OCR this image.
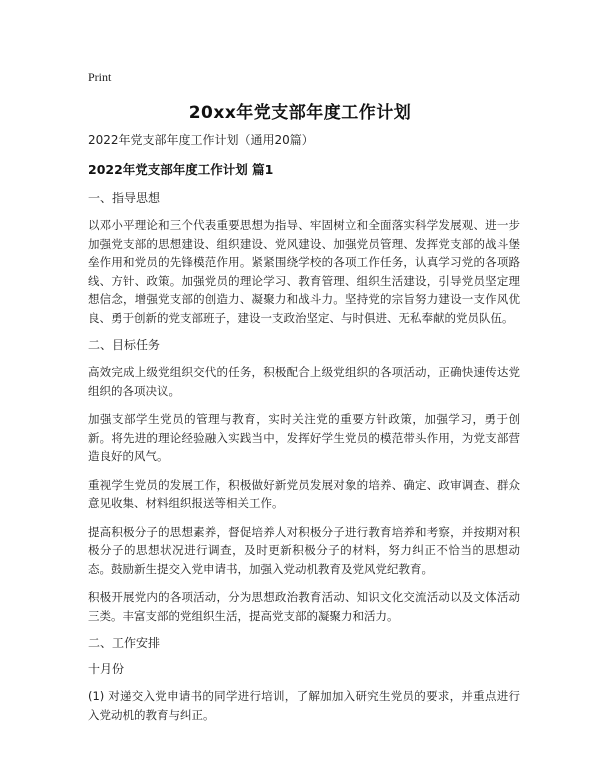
Print
20xx年党支部年度工作计划
2022年党支部年度工作计划（通用20篇）
2022年党支部年度工作计划 篇1
一、指导思想
以邓小平理论和三个代表重要思想为指导、牢固树立和全面落实科学发展观、进一步加强党支部的思想建设、组织建设、党风建设、加强党员管理、发挥党支部的战斗堡垒作用和党员的先锋模范作用。紧紧围绕学校的各项工作任务，认真学习党的各项路线、方针、政策。加强党员的理论学习、教育管理、组织生活建设，引导党员坚定理想信念，增强党支部的创造力、凝聚力和战斗力。坚持党的宗旨努力建设一支作风优良、勇于创新的党支部班子，建设一支政治坚定、与时俱进、无私奉献的党员队伍。
二、目标任务
高效完成上级党组织交代的任务，积极配合上级党组织的各项活动，正确快速传达党组织的各项决议。
加强支部学生党员的管理与教育，实时关注党的重要方针政策，加强学习，勇于创新。将先进的理论经验融入实践当中，发挥好学生党员的模范带头作用，为党支部营造良好的风气。
重视学生党员的发展工作，积极做好新党员发展对象的培养、确定、政审调查、群众意见收集、材料组织报送等相关工作。
提高积极分子的思想素养，督促培养人对积极分子进行教育培养和考察，并按期对积极分子的思想状况进行调查，及时更新积极分子的材料，努力纠正不恰当的思想动态。鼓励新生提交入党申请书，加强入党动机教育及党风党纪教育。
积极开展党内的各项活动，分为思想政治教育活动、知识文化交流活动以及文体活动三类。丰富支部的党组织生活，提高党支部的凝聚力和活力。
二、工作安排
十月份
(1) 对递交入党申请书的同学进行培训，了解加加入研究生党员的要求，并重点进行入党动机的教育与纠正。
